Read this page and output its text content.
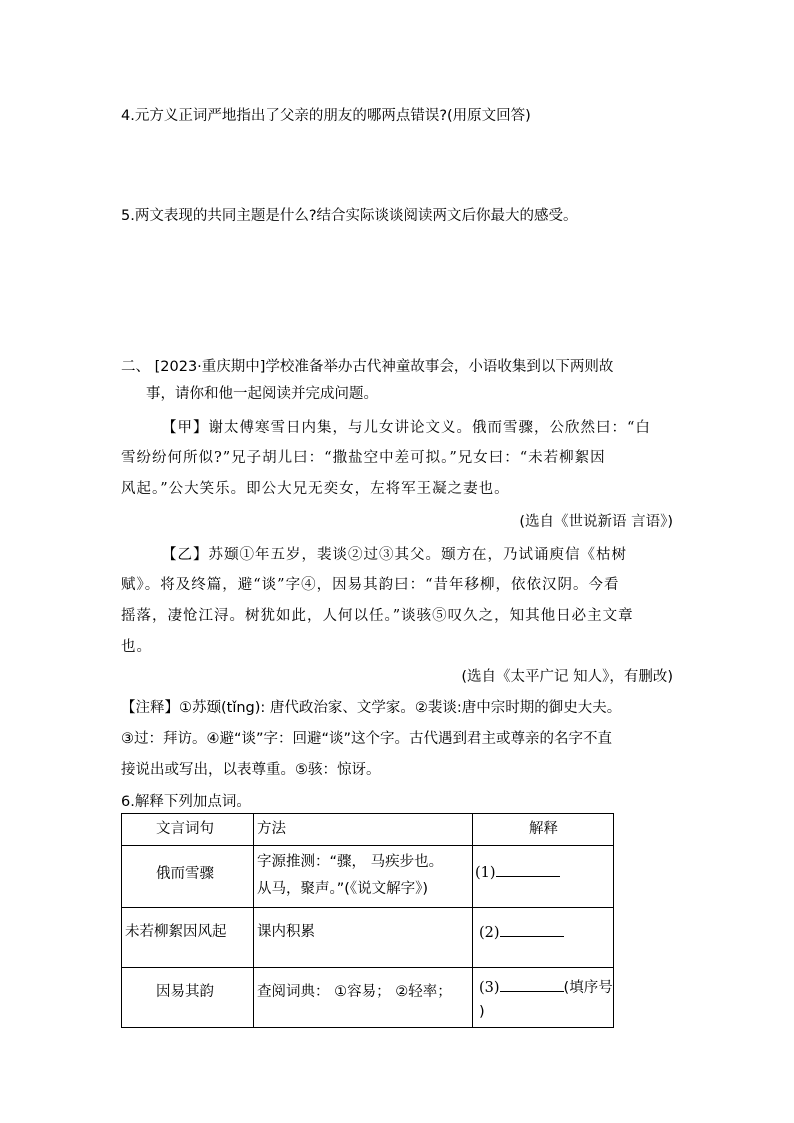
4.元方义正词严地指出了父亲的朋友的哪两点错误?(用原文回答)
5.两文表现的共同主题是什么?结合实际谈谈阅读两文后你最大的感受。
二、 [2023·重庆期中]学校准备举办古代神童故事会，小语收集到以下两则故
事，请你和他一起阅读并完成问题。
【甲】谢太傅寒雪日内集，与儿女讲论文义。俄而雪骤，公欣然曰：“白
雪纷纷何所似?”兄子胡儿曰：“撒盐空中差可拟。”兄女曰：“未若柳絮因
风起。”公大笑乐。即公大兄无奕女，左将军王凝之妻也。
(选自《世说新语 言语》)
【乙】苏颋①年五岁，裴谈②过③其父。颋方在，乃试诵庾信《枯树
赋》。将及终篇，避“谈”字④，因易其韵曰：“昔年移柳，依依汉阴。今看
摇落，凄怆江浔。树犹如此，人何以任。”谈骇⑤叹久之，知其他日必主文章
也。
(选自《太平广记 知人》，有删改)
【注释】①苏颋(tǐng): 唐代政治家、文学家。②裴谈:唐中宗时期的御史大夫。
③过：拜访。④避“谈”字：回避“谈”这个字。古代遇到君主或尊亲的名字不直
接说出或写出，以表尊重。⑤骇：惊讶。
6.解释下列加点词。
文言词句	方法	解释
俄而雪骤	字源推测：“骤， 马疾步也。
从马，聚声。”(《说文解字》)	(1)
未若柳絮因风起	课内积累	(2)
因易其韵	查阅词典： ①容易； ②轻率；	(3) (填序号
)
